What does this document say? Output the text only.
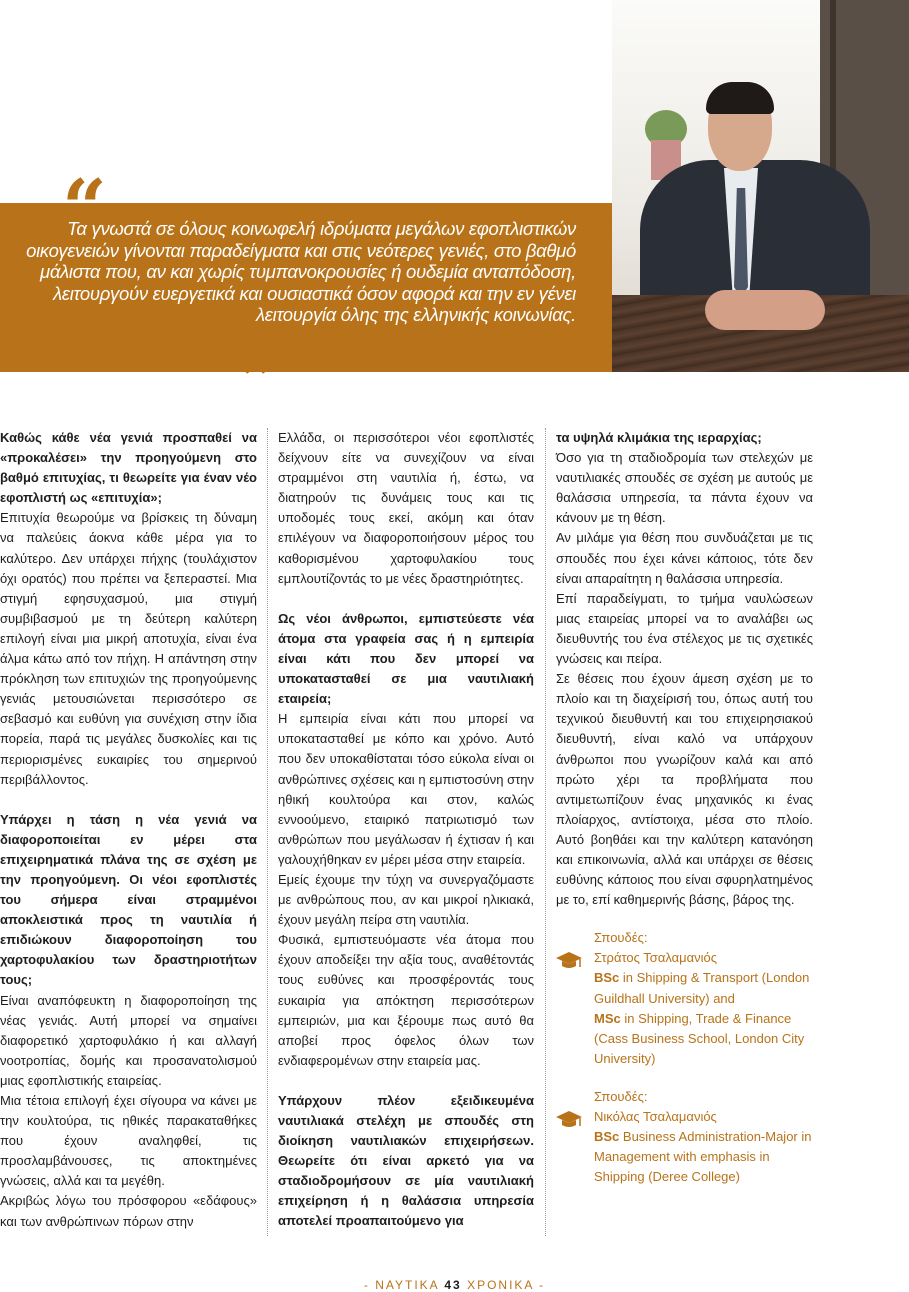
“
Τα γνωστά σε όλους κοινωφελή ιδρύματα μεγάλων εφοπλιστικών οικογενειών γίνονται παραδείγματα και στις νεότερες γενιές, στο βαθμό μάλιστα που, αν και χωρίς τυμπανοκρουσίες ή ουδεμία ανταπόδοση, λειτουργούν ευεργετικά και ουσιαστικά όσον αφορά και την εν γένει λειτουργία όλης της ελληνικής κοινωνίας.
”

Καθώς κάθε νέα γενιά προσπαθεί να «προκαλέσει» την προηγούμενη στο βαθμό επιτυχίας, τι θεωρείτε για έναν νέο εφοπλιστή ως «επιτυχία»;

Επιτυχία θεωρούμε να βρίσκεις τη δύναμη να παλεύεις άοκνα κάθε μέρα για το καλύτερο. Δεν υπάρχει πήχης (τουλάχιστον όχι ορατός) που πρέπει να ξεπεραστεί. Μια στιγμή εφησυχασμού, μια στιγμή συμβιβασμού με τη δεύτερη καλύτερη επιλογή είναι μια μικρή αποτυχία, είναι ένα άλμα κάτω από τον πήχη. Η απάντηση στην πρόκληση των επιτυχιών της προηγούμενης γενιάς μετουσιώνεται περισσότερο σε σεβασμό και ευθύνη για συνέχιση στην ίδια πορεία, παρά τις μεγάλες δυσκολίες και τις περιορισμένες ευκαιρίες του σημερινού περιβάλλοντος.

Υπάρχει η τάση η νέα γενιά να διαφοροποιείται εν μέρει στα επιχειρηματικά πλάνα της σε σχέση με την προηγούμενη. Οι νέοι εφοπλιστές του σήμερα είναι στραμμένοι αποκλειστικά προς τη ναυτιλία ή επιδιώκουν διαφοροποίηση του χαρτοφυλακίου των δραστηριοτήτων τους;

Είναι αναπόφευκτη η διαφοροποίηση της νέας γενιάς. Αυτή μπορεί να σημαίνει διαφορετικό χαρτοφυλάκιο ή και αλλαγή νοοτροπίας, δομής και προσανατολισμού μιας εφοπλιστικής εταιρείας.

Μια τέτοια επιλογή έχει σίγουρα να κάνει με την κουλτούρα, τις ηθικές παρακαταθήκες που έχουν αναληφθεί, τις προσλαμβάνουσες, τις αποκτημένες γνώσεις, αλλά και τα μεγέθη.

Ακριβώς λόγω του πρόσφορου «εδάφους» και των ανθρώπινων πόρων στην

Ελλάδα, οι περισσότεροι νέοι εφοπλιστές δείχνουν είτε να συνεχίζουν να είναι στραμμένοι στη ναυτιλία ή, έστω, να διατηρούν τις δυνάμεις τους και τις υποδομές τους εκεί, ακόμη και όταν επιλέγουν να διαφοροποιήσουν μέρος του καθορισμένου χαρτοφυλακίου τους εμπλουτίζοντάς το με νέες δραστηριότητες.

Ως νέοι άνθρωποι, εμπιστεύεστε νέα άτομα στα γραφεία σας ή η εμπειρία είναι κάτι που δεν μπορεί να υποκατασταθεί σε μια ναυτιλιακή εταιρεία;

Η εμπειρία είναι κάτι που μπορεί να υποκατασταθεί με κόπο και χρόνο. Αυτό που δεν υποκαθίσταται τόσο εύκολα είναι οι ανθρώπινες σχέσεις και η εμπιστοσύνη στην ηθική κουλτούρα και στον, καλώς εννοούμενο, εταιρικό πατριωτισμό των ανθρώπων που μεγάλωσαν ή έχτισαν ή και γαλουχήθηκαν εν μέρει μέσα στην εταιρεία.

Εμείς έχουμε την τύχη να συνεργαζόμαστε με ανθρώπους που, αν και μικροί ηλικιακά, έχουν μεγάλη πείρα στη ναυτιλία.

Φυσικά, εμπιστευόμαστε νέα άτομα που έχουν αποδείξει την αξία τους, αναθέτοντάς τους ευθύνες και προσφέροντάς τους ευκαιρία για απόκτηση περισσότερων εμπειριών, μια και ξέρουμε πως αυτό θα αποβεί προς όφελος όλων των ενδιαφερομένων στην εταιρεία μας.

Υπάρχουν πλέον εξειδικευμένα ναυτιλιακά στελέχη με σπουδές στη διοίκηση ναυτιλιακών επιχειρήσεων. Θεωρείτε ότι είναι αρκετό για να σταδιοδρομήσουν σε μία ναυτιλιακή επιχείρηση ή η θαλάσσια υπηρεσία αποτελεί προαπαιτούμενο για

τα υψηλά κλιμάκια της ιεραρχίας;

Όσο για τη σταδιοδρομία των στελεχών με ναυτιλιακές σπουδές σε σχέση με αυτούς με θαλάσσια υπηρεσία, τα πάντα έχουν να κάνουν με τη θέση.

Αν μιλάμε για θέση που συνδυάζεται με τις σπουδές που έχει κάνει κάποιος, τότε δεν είναι απαραίτητη η θαλάσσια υπηρεσία.

Επί παραδείγματι, το τμήμα ναυλώσεων μιας εταιρείας μπορεί να το αναλάβει ως διευθυντής του ένα στέλεχος με τις σχετικές γνώσεις και πείρα.

Σε θέσεις που έχουν άμεση σχέση με το πλοίο και τη διαχείρισή του, όπως αυτή του τεχνικού διευθυντή και του επιχειρησιακού διευθυντή, είναι καλό να υπάρχουν άνθρωποι που γνωρίζουν καλά και από πρώτο χέρι τα προβλήματα που αντιμετωπίζουν ένας μηχανικός κι ένας πλοίαρχος, αντίστοιχα, μέσα στο πλοίο. Αυτό βοηθάει και την καλύτερη κατανόηση και επικοινωνία, αλλά και υπάρχει σε θέσεις ευθύνης κάποιος που είναι σφυρηλατημένος με το, επί καθημερινής βάσης, βάρος της.

Σπουδές:
Στράτος Τσαλαμανιός
BSc in Shipping & Transport (London Guildhall University) and
MSc in Shipping, Trade & Finance (Cass Business School, London City University)
Σπουδές:
Νικόλας Τσαλαμανιός
BSc Business Administration-Major in Management with emphasis in Shipping (Deree College)
- ΝΑΥΤΙΚΑ 43 ΧΡΟΝΙΚΑ -
